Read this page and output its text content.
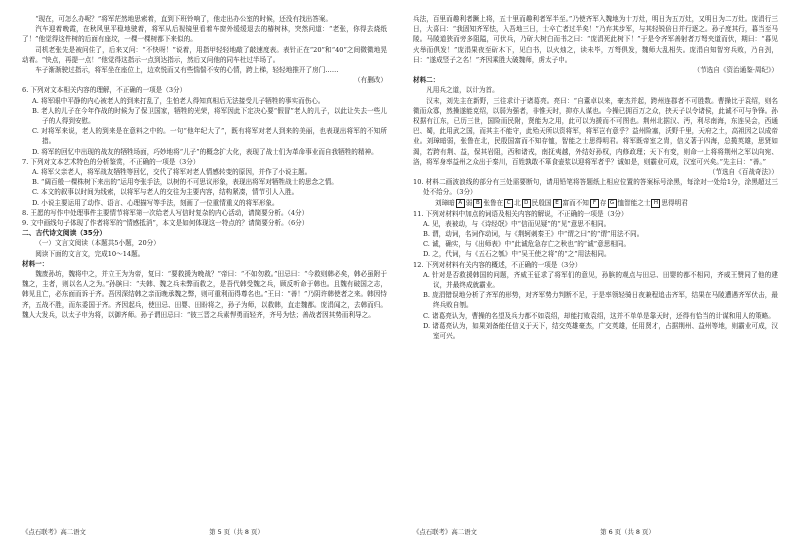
“现在，可怎么办呢？”将军茫然地思索着，直到下班铃响了，他走出办公室的时候，还没有找出答案。

汽车迎着晚霞，在秋风里平稳地驶着，将军从后视镜里看着车窗外缓缓退去的椿树林，突然问道：“老张，你得去烧纸了！”他觉得这件树的后面有座坟，一棵一棵树都下来似的。

司机老张先是被问住了，后来又问：“不快呀！”说着，用指甲轻轻地敲了敲速度表。表针正在“20”和“40”之间微微地晃动着。“快点，再提一点！”他觉得这指示一点到达指示，然后又问他的同车杜过半场了。

车子渐渐驶过指示，将军坐在座位上，边欢悦而又有些惴惴不安的心情，跨上梯，轻轻地推开了房门……

（有删改）

6. 下列对文本相关内容的理解，不正确的一项是（3分）

A. 将军眼中平静的内心被老人的到来打乱了，生怕老人得知真相后无法接受儿子牺牲的事实而伤心。

B. 老人的儿子在今年作战的时候为了保卫国家，牺牲的光荣，将军因此下定决心要“假冒”老人的儿子，以此让失去一些儿子的人得到安慰。

C. 对将军来说，老人的到来是在意料之中的。一句“他年纪大了”，既有将军对老人到来的美丽，也表现出将军的不知所措。

D. 将军的回忆中出现的战友的牺牲场面，巧妙地将“儿子”的概念扩大化，表现了战士们为革命事业而自我牺牲的精神。

7. 下列对文本艺术特色的分析鉴赏，不正确的一项是（3分）

A. 将军父亲老人，将军战友牺牲等回忆，交代了将军对老人情感转变的原因，并作了小说主题。

B. “阔百般一棵株树下来出的”运用夸张手法，以树的不可思议形象，表现出将军对牺牲战士的思念之情。

C. 本文的叙事以时间为线索，以将军与老人的交往为主要内容，结构紧凑，情节引人入胜。

D. 小说主要运用了动作、语言、心理描写等手法，刻画了一位重情重义的将军形象。

8. 王愿的写作中处理事件主要情节将军第一次给老人写信时复杂的内心活动，请简要分析。（4分）

9. 文中画线句子体现了作者将军的“情感抵消”，本文是如何体现这一特点的？请简要分析。（6分）

二、古代诗文阅读（35分）

（一）文言文阅读（本题共5小题，20分）

阅读下面的文言文，完成10～14题。

材料一：

魏废孙坊，魏将中之，并立王为为帝，复曰：“要救援为晚战？”帝曰：“不如勿救。”田忌曰：“今救则韩必矣，韩必虽附于魏之，主者，则以名人之为。”孙膑曰：“夫韩、魏之兵未弊而救之，是吾代韩受魏之兵，顾反听命于韩也。且魏有破国之志，韩见且亡，必东面而诉于齐。吾因深结韩之亲而晚承魏之弊，则可重利而得尊名也。”王曰：“善！”乃阴许韩使者之来。韩因恃齐，五战不胜，而东委国于齐。齐因起兵，使田忌、田婴、田盼将之，孙子为师，以救韩，直走魏都。庞涓闻之，去韩而归。魏人大发兵，以太子申为将，以御齐师。孙子谓田忌曰：“彼三晋之兵素悍勇而轻齐，齐号为怯；善战者因其势而利导之。

《点石联考》高二语文	第 5 页（共 8 页）

兵法，百里而趣利者蹶上将，五十里而趣利者军半至。”乃使齐军入魏地为十万灶，明日为五万灶，又明日为二万灶。庞涓行三日，大喜曰：“我固知齐军怯，入吾地三日，士卒亡者过半矣！”乃弃其步军，与其轻锐倍日并行逐之。孙子度其行，暮当至马陵。马陵道狭而旁多阻隘，可伏兵，乃斫大树白而书之曰：“庞涓死此树下！”于是令齐军善射者万弩夹道而伏，期曰：“暮见火举而俱发！”庞涓果夜至斫木下，见白书，以火烛之，读未毕，万弩俱发，魏师大乱相失。庞涓自知智穷兵败，乃自刭，曰：“遂成竖子之名！”齐因乘胜大破魏师，虏太子申。

（节选自《资治通鉴·周纪》）

材料二：

凡用兵之道，以计为首。

汉末，刘先主在新野，三往求计于诸葛亮。亮曰：“自董卓以来，豪杰并起，跨州连郡者不可胜数。曹操比于袁绍，则名微而众寡，然操遂能克绍，以弱为强者，非惟天时，抑亦人谋也。今操已拥百万之众，挟天子以令诸侯，此诚不可与争锋。孙权据有江东，已历三世，国险而民附，贤能为之用，此可以为援而不可图也。荆州北据汉、沔，利尽南海，东连吴会，西通巴、蜀，此用武之国，而其主不能守，此殆天所以资将军，将军岂有意乎？益州险塞，沃野千里，天府之土，高祖因之以成帝业。刘璋暗弱，张鲁在北，民殷国富而不知存恤，智能之士思得明君。将军既帝室之胄，信义著于四海，总揽英雄，思贤如渴，若跨有荆、益，保其岩阻，西和诸戎，南抚夷越，外结好孙权，内修政理；天下有变，则命一上将将荆州之军以向宛、洛，将军身率益州之众出于秦川，百姓孰敢不箪食壶浆以迎将军者乎？诚如是，则霸业可成，汉室可兴矣。”先主曰：“善。”

（节选自《百战奇法》）

10. 材料二画波浪线的部分有三处需要断句，请用铅笔将答题纸上相应位置的答案标号涂黑，每涂对一处给1分，涂黑超过三处不给分。（3分）

刘璋暗 A 弱 B 张鲁在 C 北 D 民殷国 E 富而不知 F 存 G 恤 智能之士 H 思得 明君

11. 下列对材料中加点的词语及相关内容的解说，不正确的一项是（3分）

A. 见，表被动，与《诗经氓》中“信而见疑”的“见”意思不相同。

B. 谓，动词，名词作动词，与《荆轲刺秦王》中“谓之曰”的“谓”用法不同。

C. 诚，确实，与《出师表》中“此诚危急存亡之秋也”的“诚”意思相同。

D. 之，代词，与《五石之瓠》中“吴王使之将”的“之”用法相同。

12. 下列对材料有关内容的概述，不正确的一项是（3分）

A. 针对是否救援韩国的问题，齐威王征求了将军们的意见，孙膑的观点与田忌、田婴的都不相同，齐威王赞同了他的建议，并最终成就霸业。

B. 庞涓错误地分析了齐军的形势，对齐军势力判断不足，于是率领轻骑日夜兼程追击齐军，结果在马陵遭遇齐军伏击，最终兵败自刎。

C. 诸葛亮认为，曹操的名望及兵力都不如袁绍，却能打败袁绍，这并不单单是靠天时，还得有恰当的计谋和用人的策略。

D. 诸葛亮认为，如果刘备能任信义于天下，结交英雄豪杰，广交英雄，任用贤才，占据荆州、益州等地，则霸业可成，汉室可兴。

《点石联考》高二语文	第 6 页（共 8 页）
